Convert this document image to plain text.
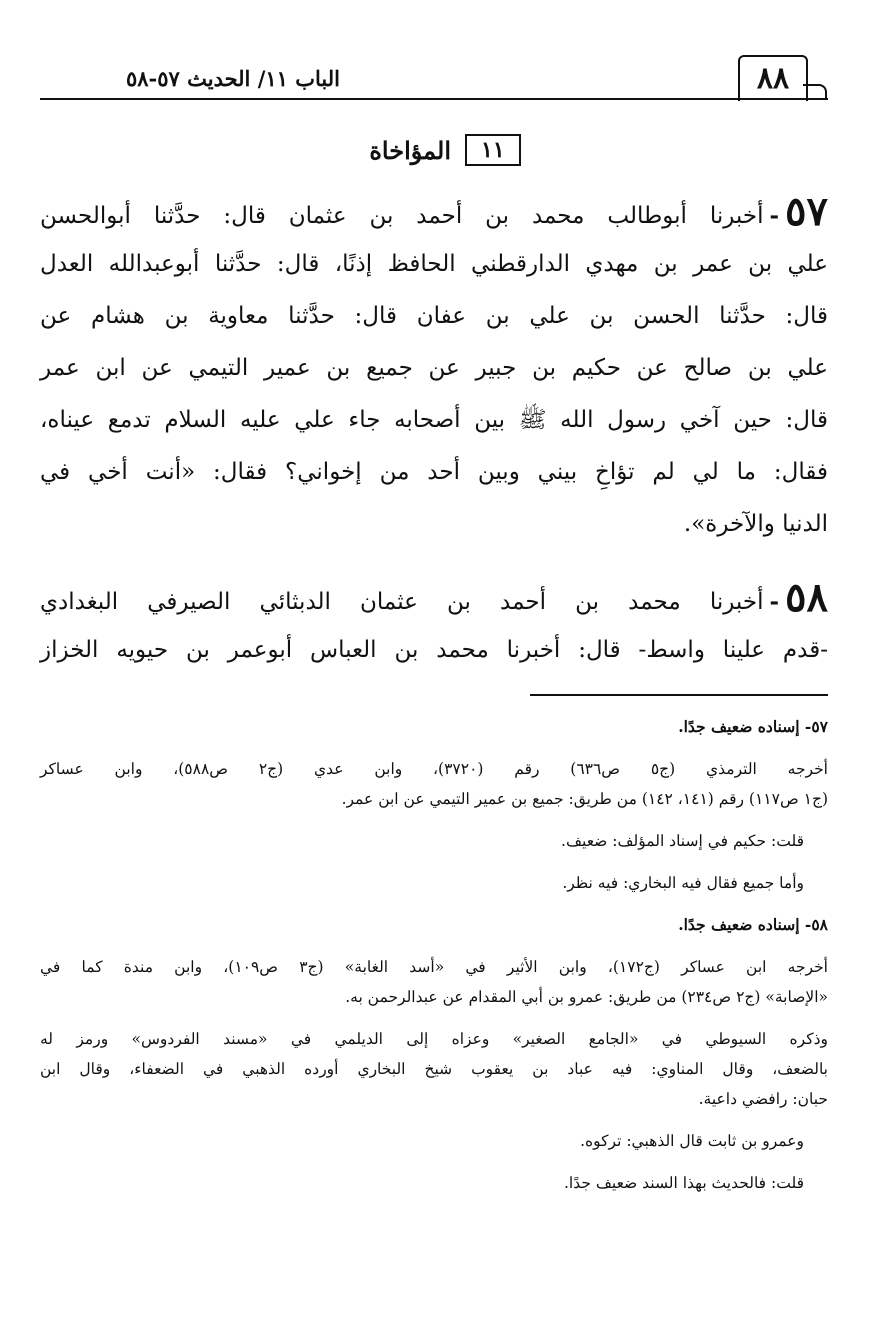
٨٨
الباب ١١/ الحديث ٥٧-٥٨
١١
المؤاخاة
٥٧-أخبرنا أبوطالب محمد بن أحمد بن عثمان قال: حدَّثنا أبوالحسن
علي بن عمر بن مهدي الدارقطني الحافظ إذنًا، قال: حدَّثنا أبوعبدالله العدل
قال: حدَّثنا الحسن بن علي بن عفان قال: حدَّثنا معاوية بن هشام عن
علي بن صالح عن حكيم بن جبير عن جميع بن عمير التيمي عن ابن عمر
قال: حين آخي رسول الله ﷺ بين أصحابه جاء علي عليه السلام تدمع عيناه،
فقال: ما لي لم تؤاخِ بيني وبين أحد من إخواني؟ فقال: «أنت أخي في
الدنيا والآخرة».
٥٨-أخبرنا محمد بن أحمد بن عثمان الدبثائي الصيرفي البغدادي
-قدم علينا واسط- قال: أخبرنا محمد بن العباس أبوعمر بن حيويه الخزاز
٥٧- إسناده ضعيف جدًا.
أخرجه الترمذي (ج٥ ص٦٣٦) رقم (٣٧٢٠)، وابن عدي (ج٢ ص٥٨٨)، وابن عساكر
(ج١ ص١١٧) رقم (١٤١، ١٤٢) من طريق: جميع بن عمير التيمي عن ابن عمر.
قلت: حكيم في إسناد المؤلف: ضعيف.
وأما جميع فقال فيه البخاري: فيه نظر.
٥٨- إسناده ضعيف جدًا.
أخرجه ابن عساكر (ج١٧٢)، وابن الأثير في «أسد الغابة» (ج٣ ص١٠٩)، وابن مندة كما في
«الإصابة» (ج٢ ص٢٣٤) من طريق: عمرو بن أبي المقدام عن عبدالرحمن به.
وذكره السيوطي في «الجامع الصغير» وعزاه إلى الديلمي في «مسند الفردوس» ورمز له
بالضعف، وقال المناوي: فيه عباد بن يعقوب شيخ البخاري أورده الذهبي في الضعفاء، وقال ابن
حبان: رافضي داعية.
وعمرو بن ثابت قال الذهبي: تركوه.
قلت: فالحديث بهذا السند ضعيف جدًا.
